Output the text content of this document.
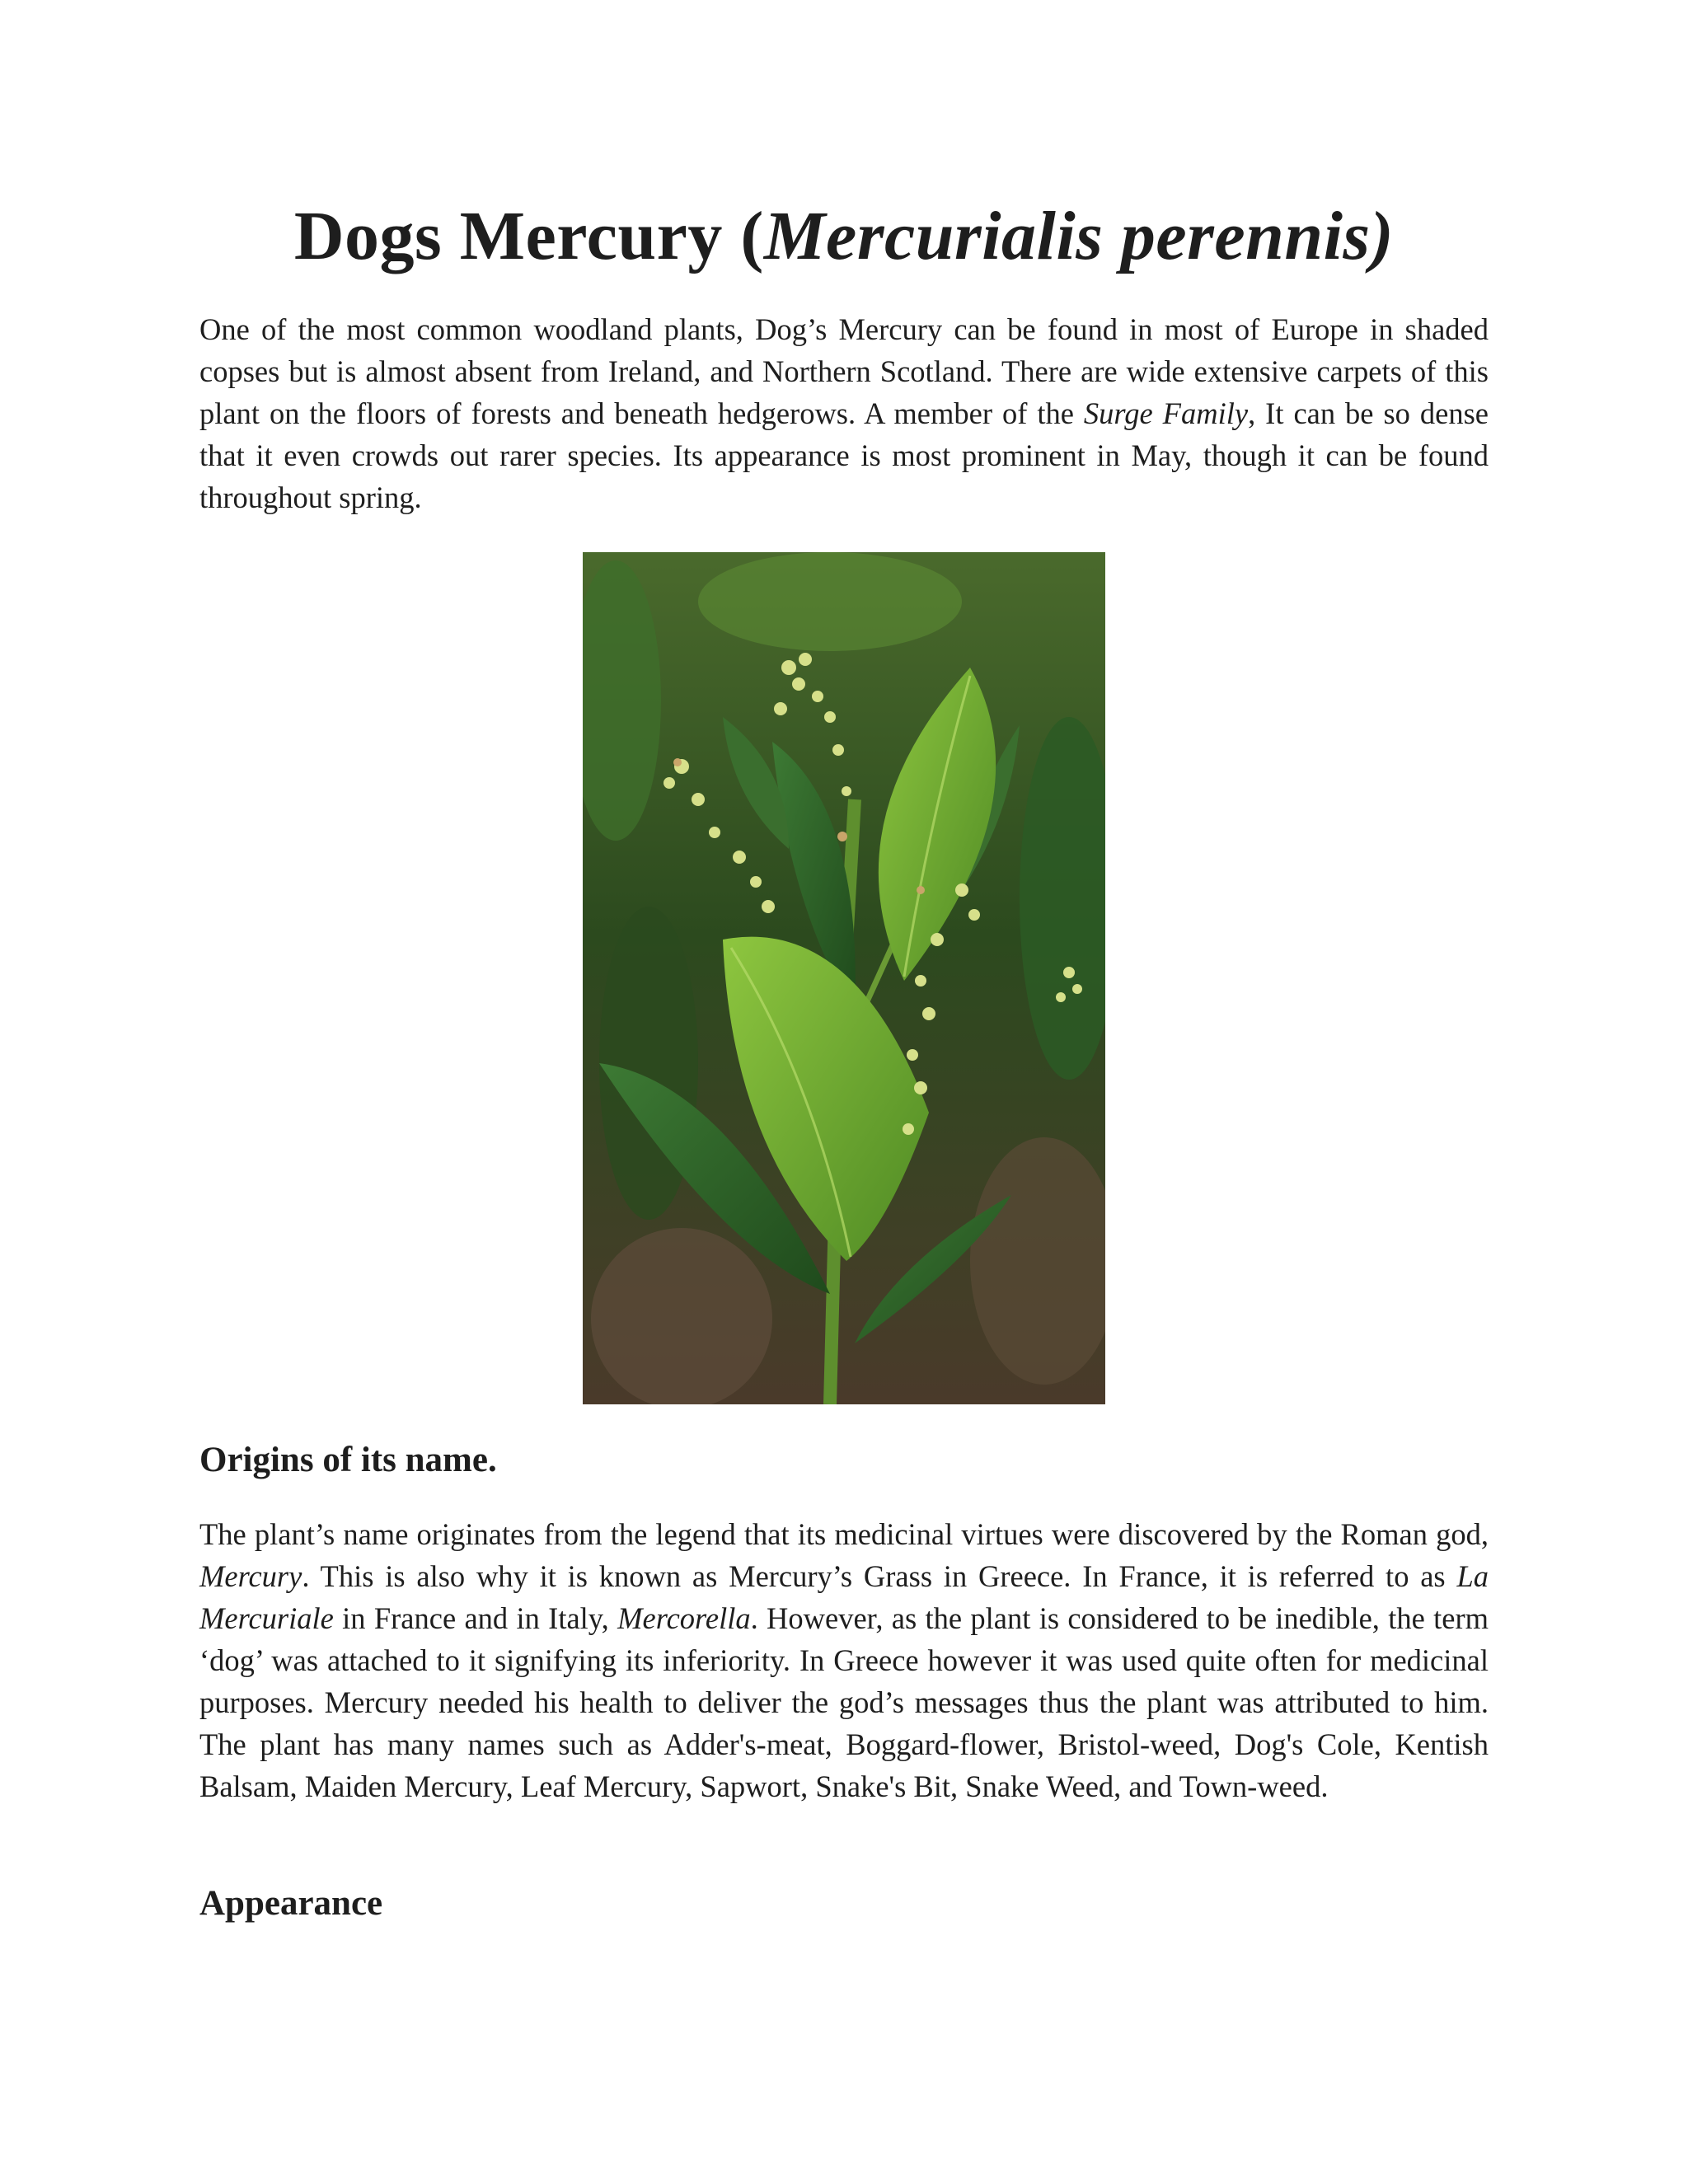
Dogs Mercury (Mercurialis perennis)

One of the most common woodland plants, Dog’s Mercury can be found in most of Europe in shaded copses but is almost absent from Ireland, and Northern Scotland. There are wide extensive carpets of this plant on the floors of forests and beneath hedgerows. A member of the Surge Family, It can be so dense that it even crowds out rarer species. Its appearance is most prominent in May, though it can be found throughout spring.

Origins of its name.

The plant’s name originates from the legend that its medicinal virtues were discovered by the Roman god, Mercury. This is also why it is known as Mercury’s Grass in Greece. In France, it is referred to as La Mercuriale in France and in Italy, Mercorella. However, as the plant is considered to be inedible, the term ‘dog’ was attached to it signifying its inferiority. In Greece however it was used quite often for medicinal purposes. Mercury needed his health to deliver the god’s messages thus the plant was attributed to him. The plant has many names such as Adder's-meat, Boggard-flower, Bristol-weed, Dog's Cole, Kentish Balsam, Maiden Mercury, Leaf Mercury, Sapwort, Snake's Bit, Snake Weed, and Town-weed.

Appearance
